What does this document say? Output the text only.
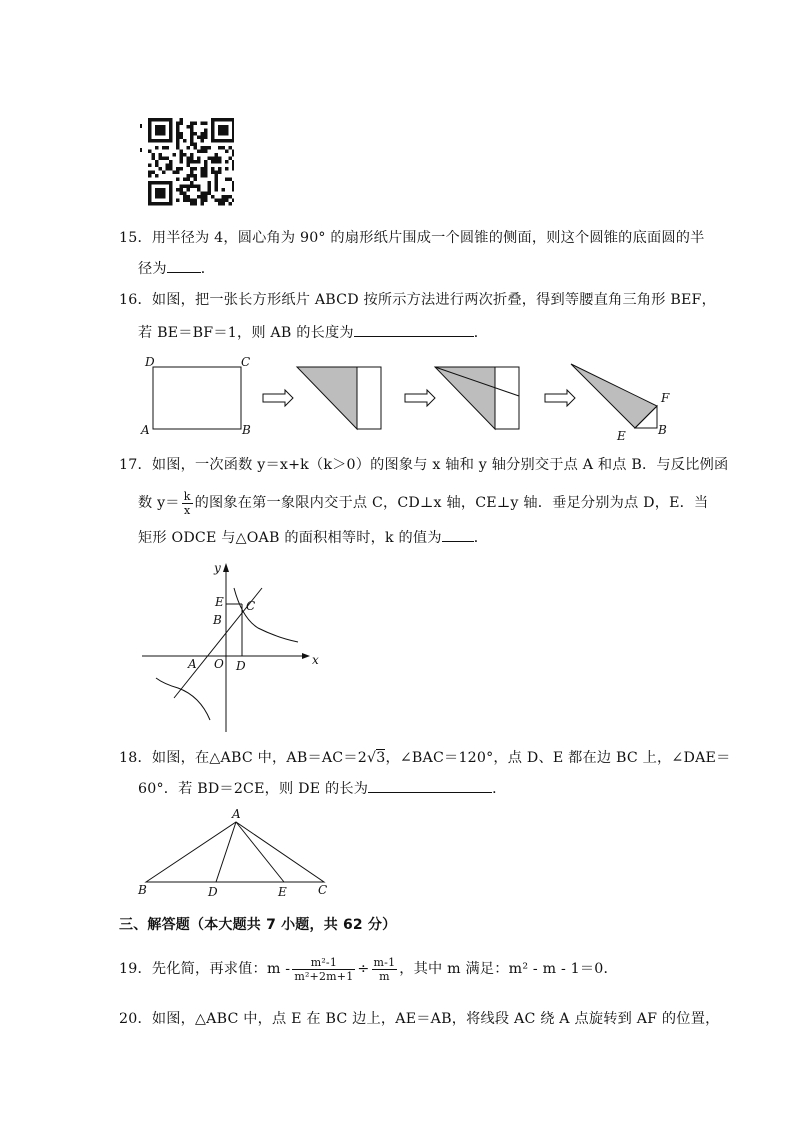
15．用半径为 4，圆心角为 90° 的扇形纸片围成一个圆锥的侧面，则这个圆锥的底面圆的半
径为 ．
16．如图，把一张长方形纸片 ABCD 按所示方法进行两次折叠，得到等腰直角三角形 BEF，
若 BE＝BF＝1，则 AB 的长度为	．
D	C
A	B
F
E	B
17．如图，一次函数 y＝x+k（k＞0）的图象与 x 轴和 y 轴分别交于点 A 和点 B．与反比例函
数 $y= \frac{k}{x}$ 的图象在第一象限内交于点 C，CD⊥x 轴，CE⊥y 轴．垂足分别为点 D，E．当
矩形 ODCE 与△OAB 的面积相等时，k 的值为 ．
y
x
E
B
C
A O D
18．如图，在△ABC 中，AB＝AC＝2√3，∠BAC＝120°，点 D、E 都在边 BC 上，∠DAE＝
60°．若 BD＝2CE，则 DE 的长为	．
A
B	D	E	C
三、解答题（本大题共 7 小题，共 62 分）
19．先化简，再求值：$m - \frac{\text{m²-1}}{\text{m²+2m+1}} \div \frac{m-1}{m}$ ，其中 m 满足：m² - m - 1＝0．
20．如图，△ABC 中，点 E 在 BC 边上，AE＝AB，将线段 AC 绕 A 点旋转到 AF 的位置，
